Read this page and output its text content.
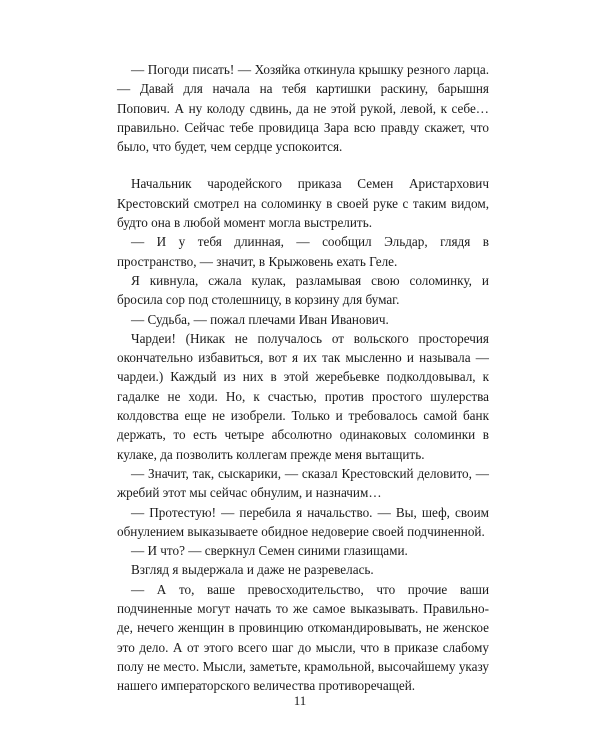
— Погоди писать! — Хозяйка откинула крышку резного ларца. — Давай для начала на тебя картишки раскину, барышня Попович. А ну колоду сдвинь, да не этой рукой, левой, к себе… правильно. Сейчас тебе провидица Зара всю правду скажет, что было, что будет, чем сердце успокоится.

Начальник чародейского приказа Семен Аристархович Крестовский смотрел на соломинку в своей руке с таким видом, будто она в любой момент могла выстрелить.

— И у тебя длинная, — сообщил Эльдар, глядя в пространство, — значит, в Крыжовень ехать Геле.

Я кивнула, сжала кулак, разламывая свою соломинку, и бросила сор под столешницу, в корзину для бумаг.

— Судьба, — пожал плечами Иван Иванович.

Чардеи! (Никак не получалось от вольского просторечия окончательно избавиться, вот я их так мысленно и называла — чардеи.) Каждый из них в этой жеребьевке подколдовывал, к гадалке не ходи. Но, к счастью, против простого шулерства колдовства еще не изобрели. Только и требовалось самой банк держать, то есть четыре абсолютно одинаковых соломинки в кулаке, да позволить коллегам прежде меня вытащить.

— Значит, так, сыскарики, — сказал Крестовский деловито, — жребий этот мы сейчас обнулим, и назначим…

— Протестую! — перебила я начальство. — Вы, шеф, своим обнулением выказываете обидное недоверие своей подчиненной.

— И что? — сверкнул Семен синими глазищами.

Взгляд я выдержала и даже не разревелась.

— А то, ваше превосходительство, что прочие ваши подчиненные могут начать то же самое выказывать. Правильно-де, нечего женщин в провинцию откомандировывать, не женское это дело. А от этого всего шаг до мысли, что в приказе слабому полу не место. Мысли, заметьте, крамольной, высочайшему указу нашего императорского величества противоречащей.

11
